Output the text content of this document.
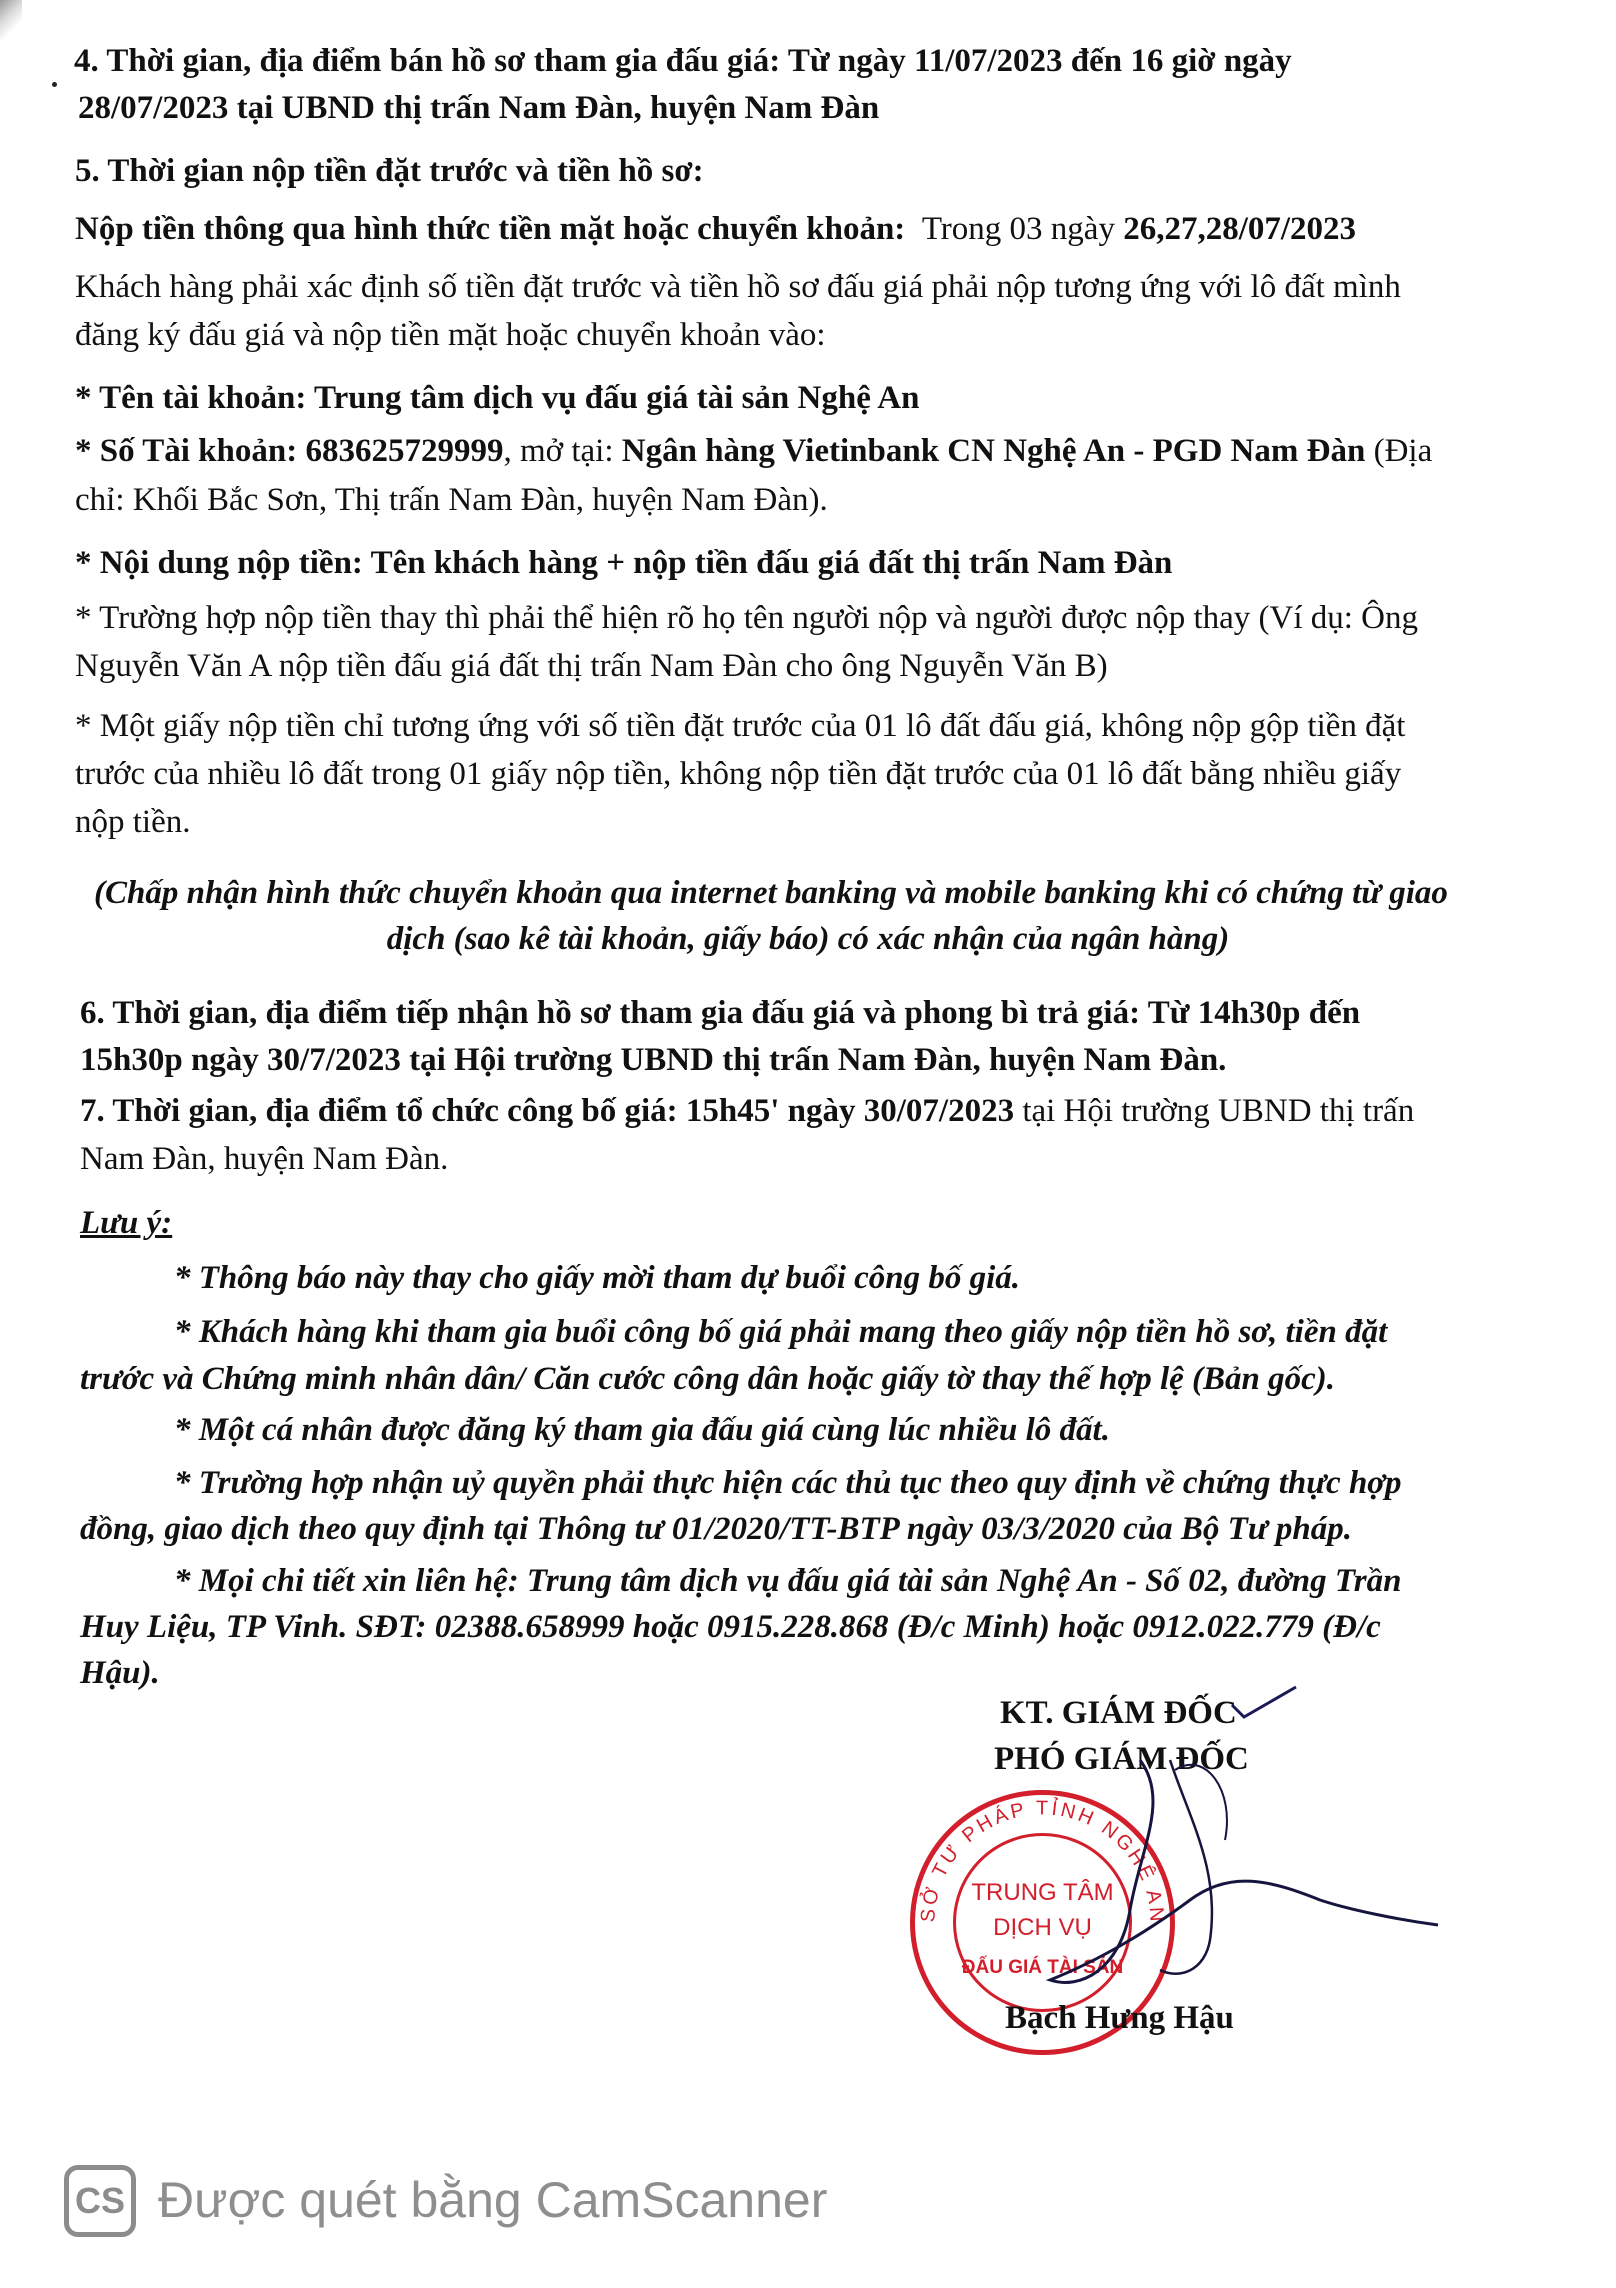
4. Thời gian, địa điểm bán hồ sơ tham gia đấu giá: Từ ngày 11/07/2023 đến 16 giờ ngày

28/07/2023 tại UBND thị trấn Nam Đàn, huyện Nam Đàn

5. Thời gian nộp tiền đặt trước và tiền hồ sơ:

Nộp tiền thông qua hình thức tiền mặt hoặc chuyển khoản: Trong 03 ngày 26,27,28/07/2023

Khách hàng phải xác định số tiền đặt trước và tiền hồ sơ đấu giá phải nộp tương ứng với lô đất mình

đăng ký đấu giá và nộp tiền mặt hoặc chuyển khoản vào:

* Tên tài khoản: Trung tâm dịch vụ đấu giá tài sản Nghệ An

* Số Tài khoản: 683625729999, mở tại: Ngân hàng Vietinbank CN Nghệ An - PGD Nam Đàn (Địa

chỉ: Khối Bắc Sơn, Thị trấn Nam Đàn, huyện Nam Đàn).

* Nội dung nộp tiền: Tên khách hàng + nộp tiền đấu giá đất thị trấn Nam Đàn

* Trường hợp nộp tiền thay thì phải thể hiện rõ họ tên người nộp và người được nộp thay (Ví dụ: Ông

Nguyễn Văn A nộp tiền đấu giá đất thị trấn Nam Đàn cho ông Nguyễn Văn B)

* Một giấy nộp tiền chỉ tương ứng với số tiền đặt trước của 01 lô đất đấu giá, không nộp gộp tiền đặt

trước của nhiều lô đất trong 01 giấy nộp tiền, không nộp tiền đặt trước của 01 lô đất bằng nhiều giấy

nộp tiền.

(Chấp nhận hình thức chuyển khoản qua internet banking và mobile banking khi có chứng từ giao

dịch (sao kê tài khoản, giấy báo) có xác nhận của ngân hàng)

6. Thời gian, địa điểm tiếp nhận hồ sơ tham gia đấu giá và phong bì trả giá: Từ 14h30p đến

15h30p ngày 30/7/2023 tại Hội trường UBND thị trấn Nam Đàn, huyện Nam Đàn.

7. Thời gian, địa điểm tổ chức công bố giá: 15h45' ngày 30/07/2023 tại Hội trường UBND thị trấn

Nam Đàn, huyện Nam Đàn.

Lưu ý:

* Thông báo này thay cho giấy mời tham dự buổi công bố giá.

* Khách hàng khi tham gia buổi công bố giá phải mang theo giấy nộp tiền hồ sơ, tiền đặt

trước và Chứng minh nhân dân/ Căn cước công dân hoặc giấy tờ thay thế hợp lệ (Bản gốc).

* Một cá nhân được đăng ký tham gia đấu giá cùng lúc nhiều lô đất.

* Trường hợp nhận uỷ quyền phải thực hiện các thủ tục theo quy định về chứng thực hợp

đồng, giao dịch theo quy định tại Thông tư 01/2020/TT-BTP ngày 03/3/2020 của Bộ Tư pháp.

* Mọi chi tiết xin liên hệ: Trung tâm dịch vụ đấu giá tài sản Nghệ An - Số 02, đường Trần

Huy Liệu, TP Vinh. SĐT: 02388.658999 hoặc 0915.228.868 (Đ/c Minh) hoặc 0912.022.779 (Đ/c

Hậu).

KT. GIÁM ĐỐC

PHÓ GIÁM ĐỐC

SỞ TƯ PHÁP TỈNH NGHỆ AN
TRUNG TÂM
DỊCH VỤ
ĐẤU GIÁ TÀI SẢN

Bạch Hưng Hậu

CS Được quét bằng CamScanner
